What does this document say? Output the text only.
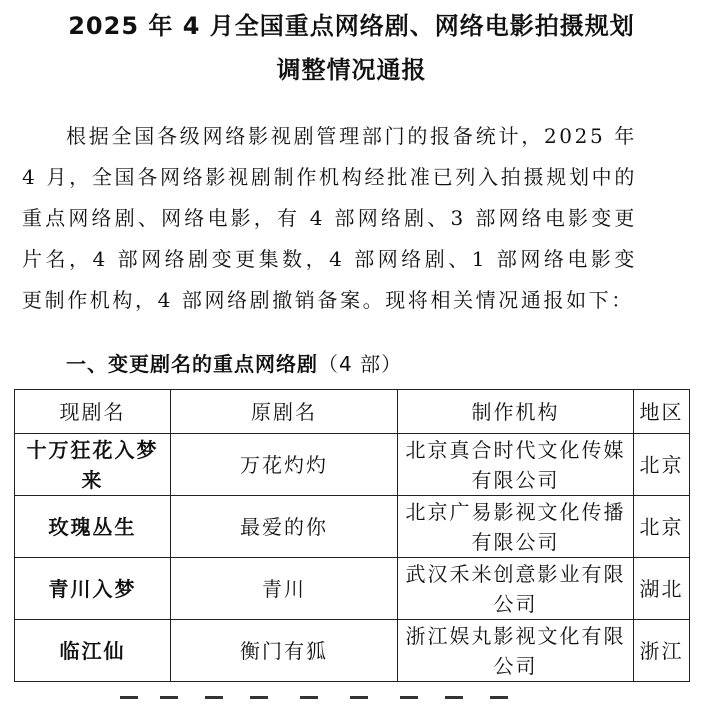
2025 年 4 月全国重点网络剧、网络电影拍摄规划
调整情况通报

根据全国各级网络影视剧管理部门的报备统计，2025 年 4 月，全国各网络影视剧制作机构经批准已列入拍摄规划中的重点网络剧、网络电影，有 4 部网络剧、3 部网络电影变更片名，4 部网络剧变更集数，4 部网络剧、1 部网络电影变更制作机构，4 部网络剧撤销备案。现将相关情况通报如下：

一、变更剧名的重点网络剧（4 部）
现剧名	原剧名	制作机构	地区
十万狂花入梦来	万花灼灼	北京真合时代文化传媒有限公司	北京
玫瑰丛生	最爱的你	北京广易影视文化传播有限公司	北京
青川入梦	青川	武汉禾米创意影业有限公司	湖北
临江仙	衡门有狐	浙江娱丸影视文化有限公司	浙江
